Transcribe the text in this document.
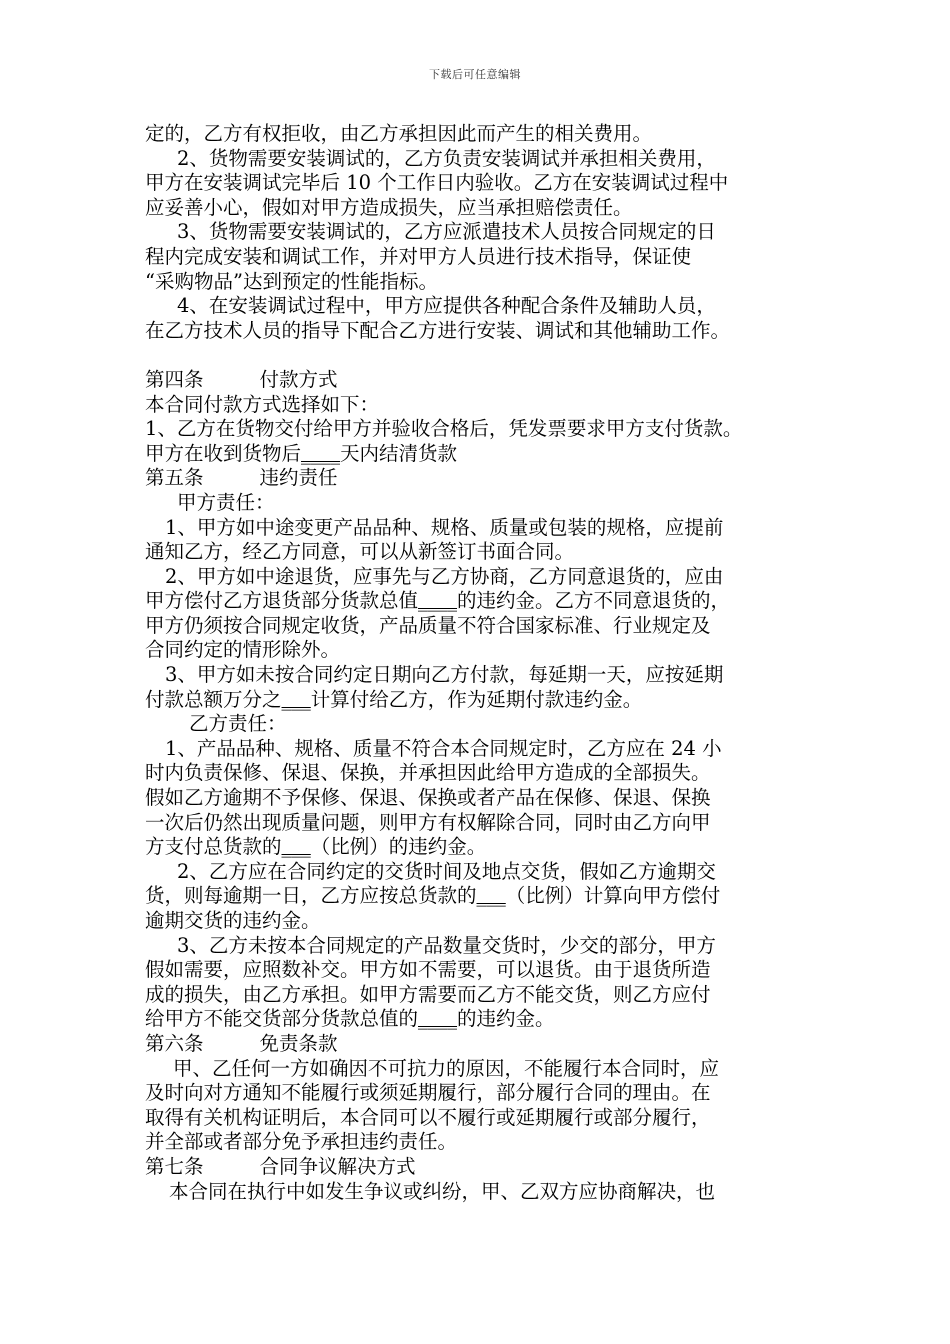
下载后可任意编辑
定的，乙方有权拒收，由乙方承担因此而产生的相关费用。
2、货物需要安装调试的，乙方负责安装调试并承担相关费用，
甲方在安装调试完毕后 10 个工作日内验收。乙方在安装调试过程中
应妥善小心，假如对甲方造成损失，应当承担赔偿责任。
3、货物需要安装调试的，乙方应派遣技术人员按合同规定的日
程内完成安装和调试工作，并对甲方人员进行技术指导，保证使
“采购物品”达到预定的性能指标。
4、在安装调试过程中，甲方应提供各种配合条件及辅助人员，
在乙方技术人员的指导下配合乙方进行安装、调试和其他辅助工作。
第四条	付款方式
本合同付款方式选择如下：
1、乙方在货物交付给甲方并验收合格后，凭发票要求甲方支付货款。
甲方在收到货物后____天内结清货款
第五条	违约责任
甲方责任：
1、甲方如中途变更产品品种、规格、质量或包装的规格，应提前
通知乙方，经乙方同意，可以从新签订书面合同。
2、甲方如中途退货，应事先与乙方协商，乙方同意退货的，应由
甲方偿付乙方退货部分货款总值____的违约金。乙方不同意退货的，
甲方仍须按合同规定收货，产品质量不符合国家标准、行业规定及
合同约定的情形除外。
3、甲方如未按合同约定日期向乙方付款，每延期一天，应按延期
付款总额万分之___计算付给乙方，作为延期付款违约金。
乙方责任：
1、产品品种、规格、质量不符合本合同规定时，乙方应在 24 小
时内负责保修、保退、保换，并承担因此给甲方造成的全部损失。
假如乙方逾期不予保修、保退、保换或者产品在保修、保退、保换
一次后仍然出现质量问题，则甲方有权解除合同，同时由乙方向甲
方支付总货款的___（比例）的违约金。
2、乙方应在合同约定的交货时间及地点交货，假如乙方逾期交
货，则每逾期一日，乙方应按总货款的___（比例）计算向甲方偿付
逾期交货的违约金。
3、乙方未按本合同规定的产品数量交货时，少交的部分，甲方
假如需要，应照数补交。甲方如不需要，可以退货。由于退货所造
成的损失，由乙方承担。如甲方需要而乙方不能交货，则乙方应付
给甲方不能交货部分货款总值的____的违约金。
第六条	免责条款
甲、乙任何一方如确因不可抗力的原因，不能履行本合同时，应
及时向对方通知不能履行或须延期履行，部分履行合同的理由。在
取得有关机构证明后，本合同可以不履行或延期履行或部分履行，
并全部或者部分免予承担违约责任。
第七条	合同争议解决方式
本合同在执行中如发生争议或纠纷，甲、乙双方应协商解决，也
